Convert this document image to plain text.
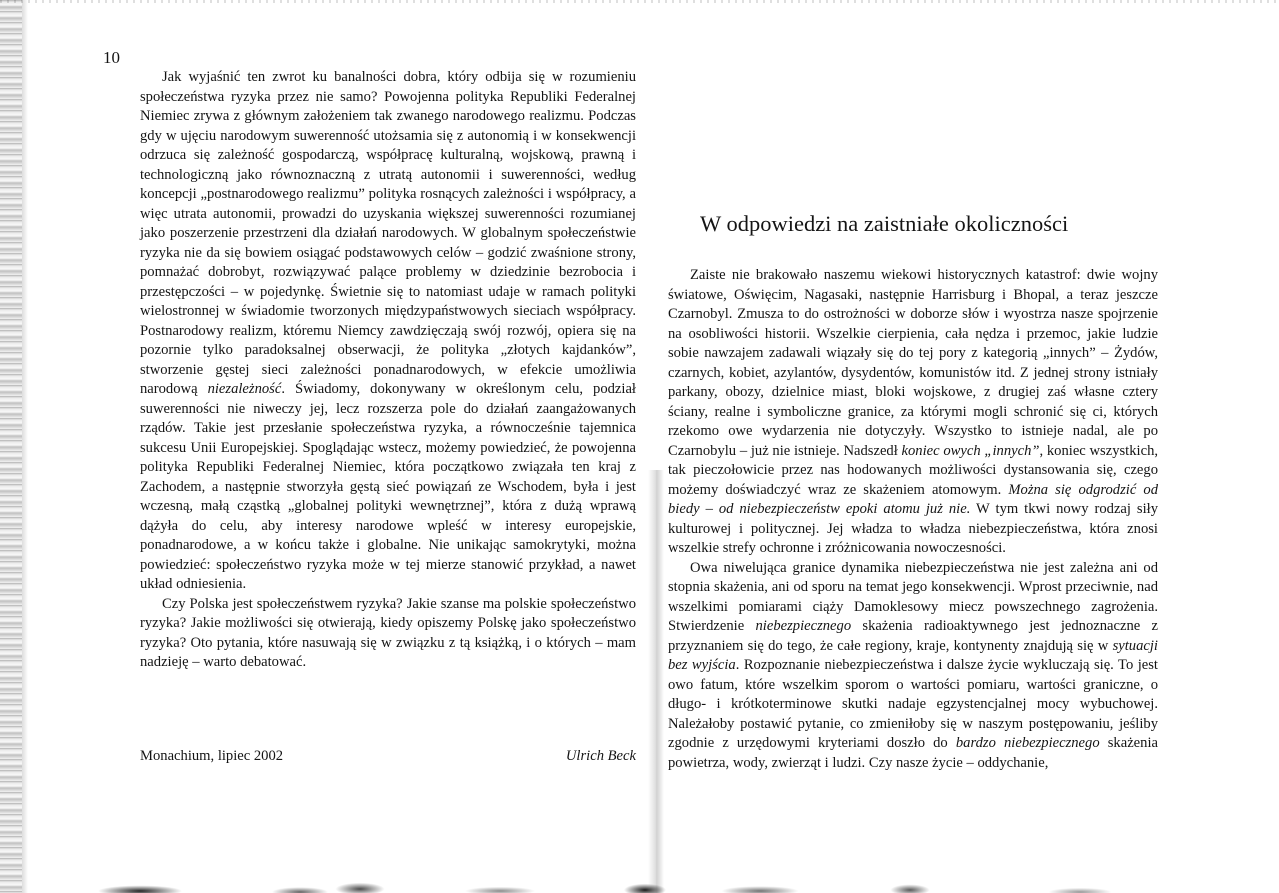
10

Jak wyjaśnić ten zwrot ku banalności dobra, który odbija się w rozumieniu społeczeństwa ryzyka przez nie samo? Powojenna polityka Republiki Federalnej Niemiec zrywa z głównym założeniem tak zwanego narodowego realizmu. Podczas gdy w ujęciu narodowym suwerenność utożsamia się z autonomią i w konsekwencji odrzuca się zależność gospodarczą, współpracę kulturalną, wojskową, prawną i technologiczną jako równoznaczną z utratą autonomii i suwerenności, według koncepcji „postnarodowego realizmu” polityka rosnących zależności i współpracy, a więc utrata autonomii, prowadzi do uzyskania większej suwerenności rozumianej jako poszerzenie przestrzeni dla działań narodowych. W globalnym społeczeństwie ryzyka nie da się bowiem osiągać podstawowych celów – godzić zwaśnione strony, pomnażać dobrobyt, rozwiązywać palące problemy w dziedzinie bezrobocia i przestępczości – w pojedynkę. Świetnie się to natomiast udaje w ramach polityki wielostronnej w świadomie tworzonych międzypaństwowych sieciach współpracy. Postnarodowy realizm, któremu Niemcy zawdzięczają swój rozwój, opiera się na pozornie tylko paradoksalnej obserwacji, że polityka „złotych kajdanków”, stworzenie gęstej sieci zależności ponadnarodowych, w efekcie umożliwia narodową niezależność. Świadomy, dokonywany w określonym celu, podział suwerenności nie niweczy jej, lecz rozszerza pole do działań zaangażowanych rządów. Takie jest przesłanie społeczeństwa ryzyka, a równocześnie tajemnica sukcesu Unii Europejskiej. Spoglądając wstecz, możemy powiedzieć, że powojenna polityka Republiki Federalnej Niemiec, która początkowo związała ten kraj z Zachodem, a następnie stworzyła gęstą sieć powiązań ze Wschodem, była i jest wczesną, małą cząstką „globalnej polityki wewnętrznej”, która z dużą wprawą dążyła do celu, aby interesy narodowe wpleść w interesy europejskie, ponadnarodowe, a w końcu także i globalne. Nie unikając samokrytyki, można powiedzieć: społeczeństwo ryzyka może w tej mierze stanowić przykład, a nawet układ odniesienia.

Czy Polska jest społeczeństwem ryzyka? Jakie szanse ma polskie społeczeństwo ryzyka? Jakie możliwości się otwierają, kiedy opiszemy Polskę jako społeczeństwo ryzyka? Oto pytania, które nasuwają się w związku z tą książką, i o których – mam nadzieję – warto debatować.

Monachium, lipiec 2002	Ulrich Beck
W odpowiedzi na zaistniałe okoliczności

Zaiste nie brakowało naszemu wiekowi historycznych katastrof: dwie wojny światowe, Oświęcim, Nagasaki, następnie Harrisburg i Bhopal, a teraz jeszcze Czarnobyl. Zmusza to do ostrożności w doborze słów i wyostrza nasze spojrzenie na osobliwości historii. Wszelkie cierpienia, cała nędza i przemoc, jakie ludzie sobie nawzajem zadawali wiązały się do tej pory z kategorią „innych” – Żydów, czarnych, kobiet, azylantów, dysydentów, komunistów itd. Z jednej strony istniały parkany, obozy, dzielnice miast, bloki wojskowe, z drugiej zaś własne cztery ściany, realne i symboliczne granice, za którymi mogli schronić się ci, których rzekomo owe wydarzenia nie dotyczyły. Wszystko to istnieje nadal, ale po Czarnobylu – już nie istnieje. Nadszedł koniec owych „innych”, koniec wszystkich, tak pieczołowicie przez nas hodowanych możliwości dystansowania się, czego możemy doświadczyć wraz ze skażeniem atomowym. Można się odgrodzić od biedy – od niebezpieczeństw epoki atomu już nie. W tym tkwi nowy rodzaj siły kulturowej i politycznej. Jej władza to władza niebezpieczeństwa, która znosi wszelkie strefy ochronne i zróżnicowania nowoczesności.

Owa niwelująca granice dynamika niebezpieczeństwa nie jest zależna ani od stopnia skażenia, ani od sporu na temat jego konsekwencji. Wprost przeciwnie, nad wszelkimi pomiarami ciąży Damoklesowy miecz powszechnego zagrożenia. Stwierdzenie niebezpiecznego skażenia radioaktywnego jest jednoznaczne z przyznaniem się do tego, że całe regiony, kraje, kontynenty znajdują się w sytuacji bez wyjścia. Rozpoznanie niebezpieczeństwa i dalsze życie wykluczają się. To jest owo fatum, które wszelkim sporom o wartości pomiaru, wartości graniczne, o długo- i krótkoterminowe skutki nadaje egzystencjalnej mocy wybuchowej. Należałoby postawić pytanie, co zmieniłoby się w naszym postępowaniu, jeśliby zgodnie z urzędowymi kryteriami doszło do bardzo niebezpiecznego skażenia powietrza, wody, zwierząt i ludzi. Czy nasze życie – oddychanie,
